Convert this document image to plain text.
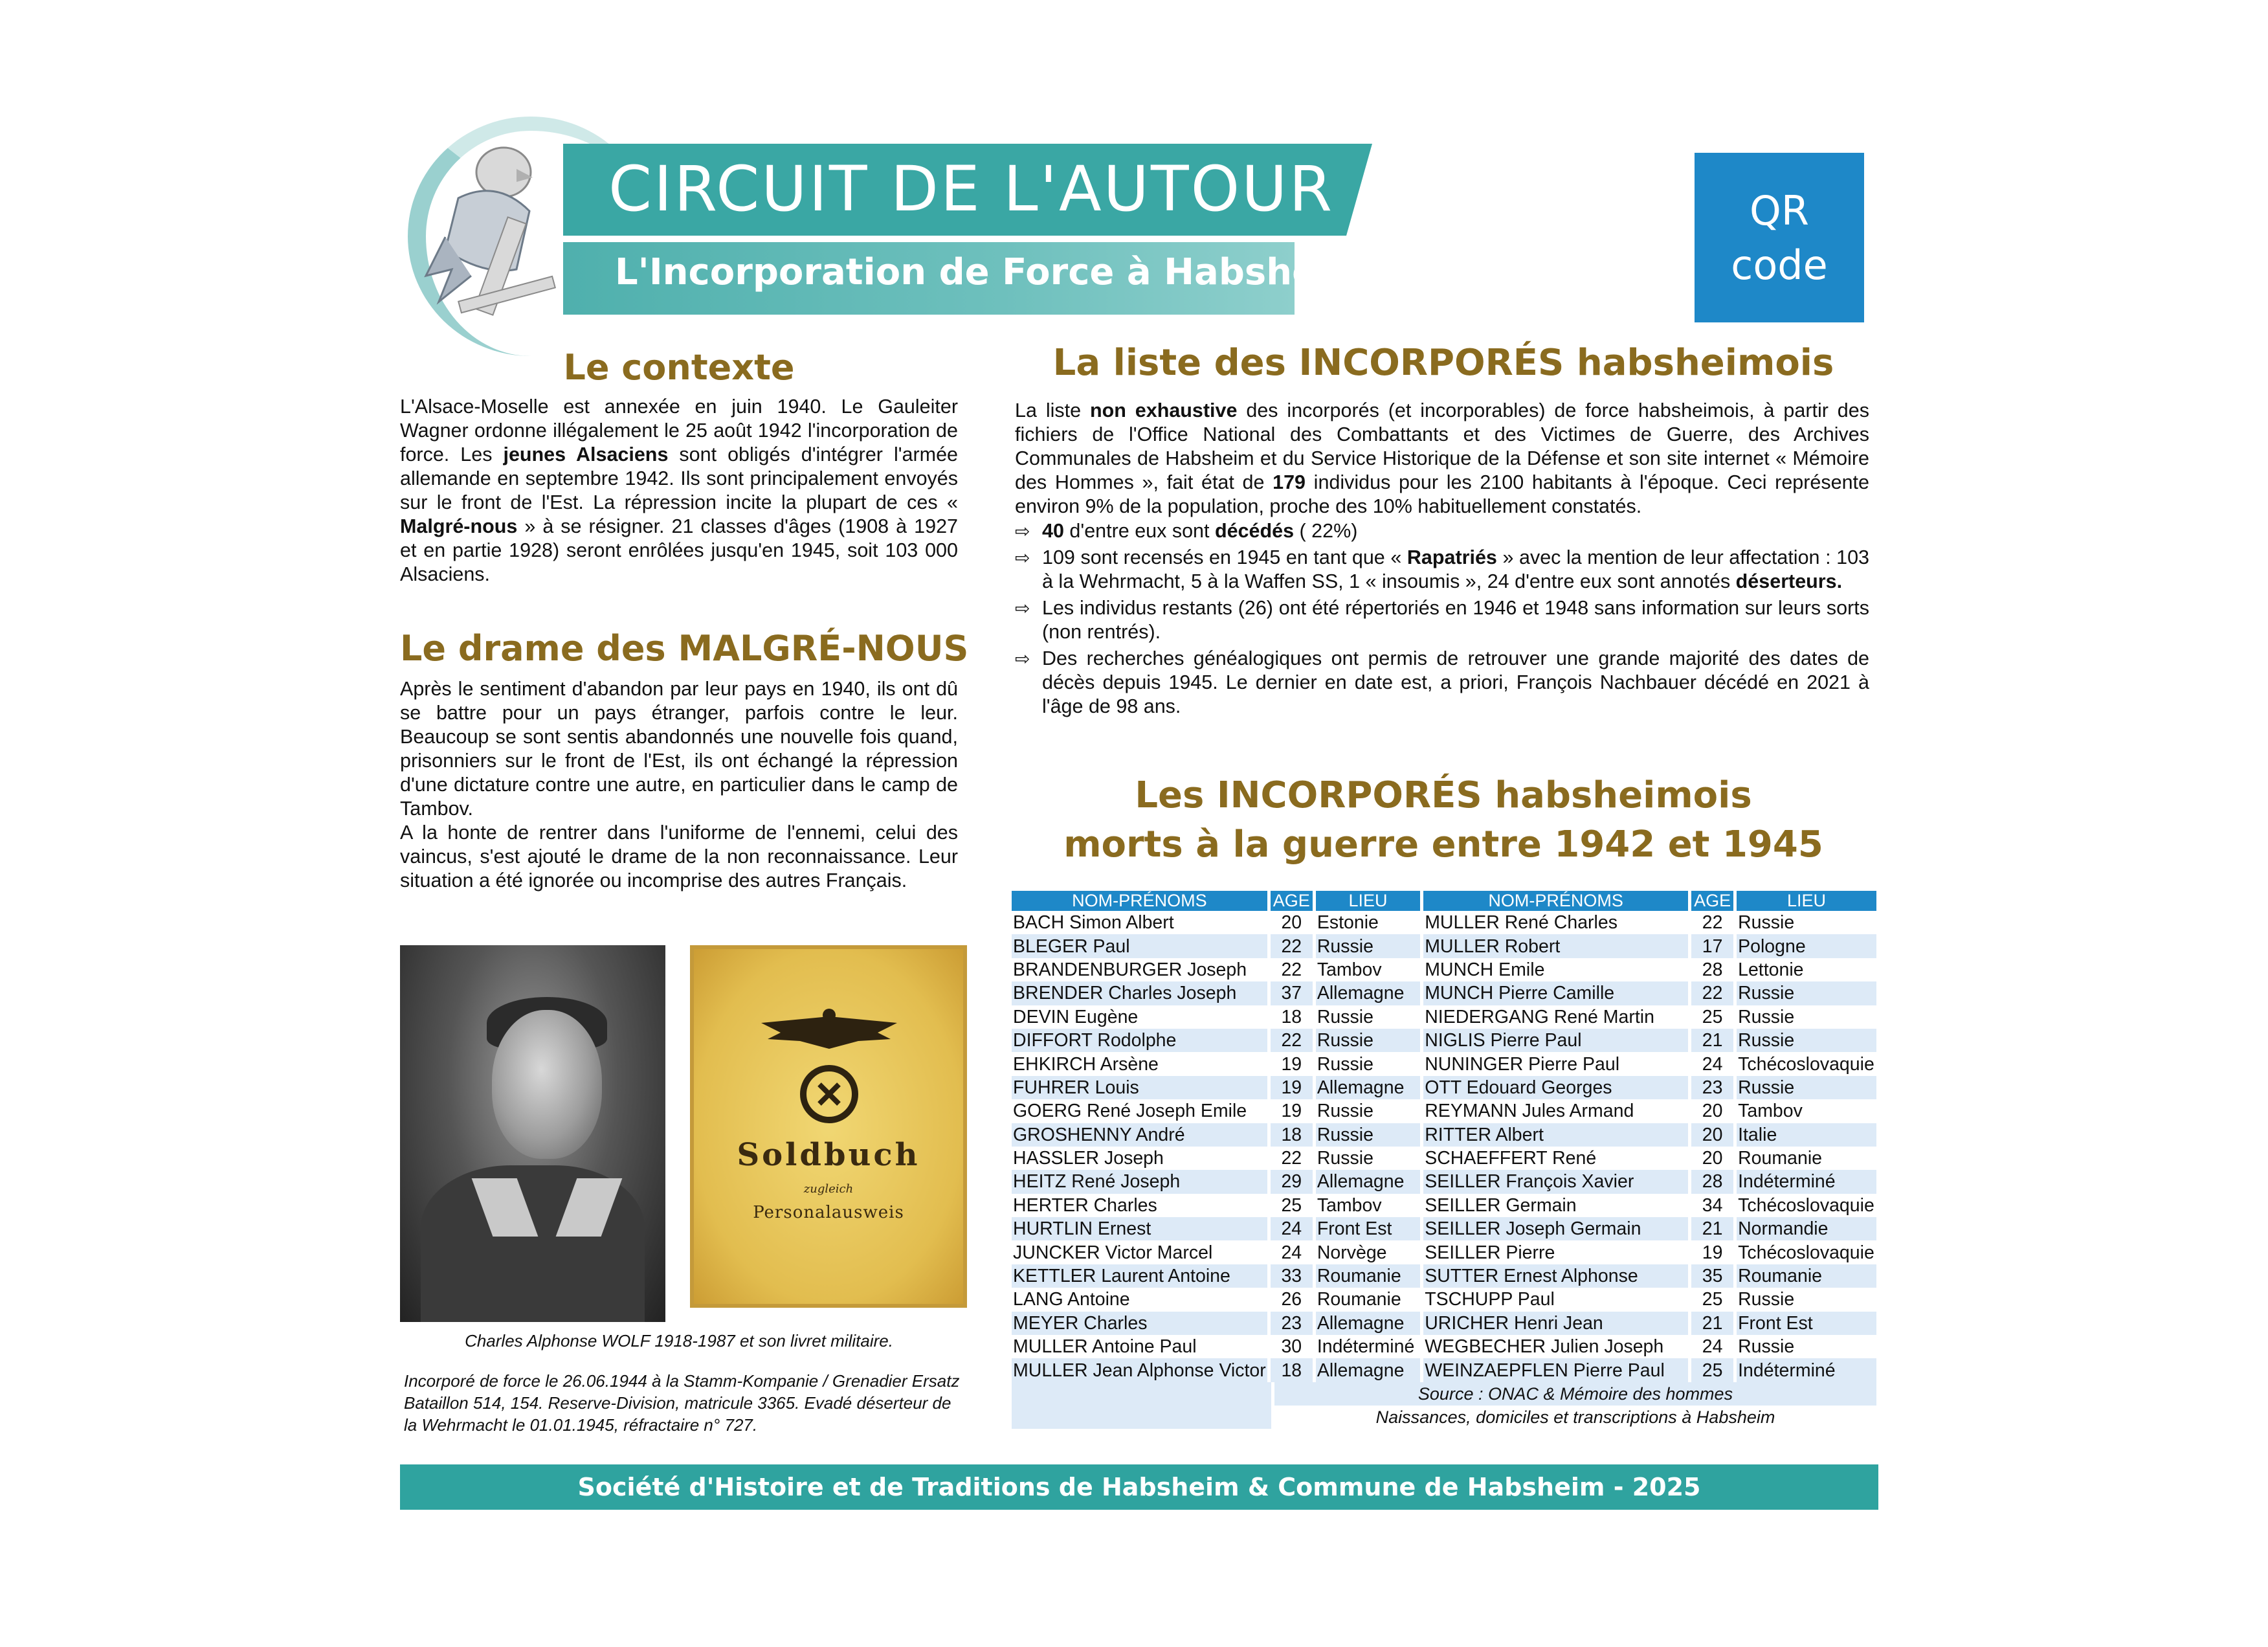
CIRCUIT DE L'AUTOUR
L'Incorporation de Force à Habsheim
QR
code
Le contexte
L'Alsace-Moselle est annexée en juin 1940. Le Gauleiter Wagner ordonne illégalement le 25 août 1942 l'incorporation de force. Les jeunes Alsaciens sont obligés d'intégrer l'armée allemande en septembre 1942. Ils sont principalement envoyés sur le front de l'Est. La répression incite la plupart de ces « Malgré-nous » à se résigner. 21 classes d'âges (1908 à 1927 et en partie 1928) seront enrôlées jusqu'en 1945, soit 103 000 Alsaciens.
Le drame des MALGRÉ-NOUS
Après le sentiment d'abandon par leur pays en 1940, ils ont dû se battre pour un pays étranger, parfois contre le leur. Beaucoup se sont sentis abandonnés une nouvelle fois quand, prisonniers sur le front de l'Est, ils ont échangé la répression d'une dictature contre une autre, en particulier dans le camp de Tambov.
A la honte de rentrer dans l'uniforme de l'ennemi, celui des vaincus, s'est ajouté le drame de la non reconnaissance. Leur situation a été ignorée ou incomprise des autres Français.
Soldbuch
zugleich
Personalausweis
Charles Alphonse WOLF 1918-1987 et son livret militaire.
Incorporé de force le 26.06.1944 à la Stamm-Kompanie / Grenadier Ersatz Bataillon 514, 154. Reserve-Division, matricule 3365. Evadé déserteur de la Wehrmacht le 01.01.1945, réfractaire n° 727.
La liste des INCORPORÉS habsheimois
La liste non exhaustive des incorporés (et incorporables) de force habsheimois, à partir des fichiers de l'Office National des Combattants et des Victimes de Guerre, des Archives Communales de Habsheim et du Service Historique de la Défense et son site internet « Mémoire des Hommes », fait état de 179 individus pour les 2100 habitants à l'époque. Ceci représente environ 9% de la population, proche des 10% habituellement constatés.
⇨ 40 d'entre eux sont décédés ( 22%)
⇨ 109 sont recensés en 1945 en tant que « Rapatriés » avec la mention de leur affectation : 103 à la Wehrmacht, 5 à la Waffen SS, 1 « insoumis », 24 d'entre eux sont annotés déserteurs.
⇨ Les individus restants (26) ont été répertoriés en 1946 et 1948 sans information sur leurs sorts (non rentrés).
⇨ Des recherches généalogiques ont permis de retrouver une grande majorité des dates de décès depuis 1945. Le dernier en date est, a priori, François Nachbauer décédé en 2021 à l'âge de 98 ans.
Les INCORPORÉS habsheimois
morts à la guerre entre 1942 et 1945
NOM-PRÉNOMS	AGE	LIEU	NOM-PRÉNOMS	AGE	LIEU
BACH Simon Albert	20	Estonie	MULLER René Charles	22	Russie
BLEGER Paul	22	Russie	MULLER Robert	17	Pologne
BRANDENBURGER Joseph	22	Tambov	MUNCH Emile	28	Lettonie
BRENDER Charles Joseph	37	Allemagne	MUNCH Pierre Camille	22	Russie
DEVIN Eugène	18	Russie	NIEDERGANG René Martin	25	Russie
DIFFORT Rodolphe	22	Russie	NIGLIS Pierre Paul	21	Russie
EHKIRCH Arsène	19	Russie	NUNINGER Pierre Paul	24	Tchécoslovaquie
FUHRER Louis	19	Allemagne	OTT Edouard Georges	23	Russie
GOERG René Joseph Emile	19	Russie	REYMANN Jules Armand	20	Tambov
GROSHENNY André	18	Russie	RITTER Albert	20	Italie
HASSLER Joseph	22	Russie	SCHAEFFERT René	20	Roumanie
HEITZ René Joseph	29	Allemagne	SEILLER François Xavier	28	Indéterminé
HERTER Charles	25	Tambov	SEILLER Germain	34	Tchécoslovaquie
HURTLIN Ernest	24	Front Est	SEILLER Joseph Germain	21	Normandie
JUNCKER Victor Marcel	24	Norvège	SEILLER Pierre	19	Tchécoslovaquie
KETTLER Laurent Antoine	33	Roumanie	SUTTER Ernest Alphonse	35	Roumanie
LANG Antoine	26	Roumanie	TSCHUPP Paul	25	Russie
MEYER Charles	23	Allemagne	URICHER Henri Jean	21	Front Est
MULLER Antoine Paul	30	Indéterminé	WEGBECHER Julien Joseph	24	Russie
MULLER Jean Alphonse Victor	18	Allemagne	WEINZAEPFLEN Pierre Paul	25	Indéterminé
Source : ONAC & Mémoire des hommes
Naissances, domiciles et transcriptions à Habsheim
Société d'Histoire et de Traditions de Habsheim & Commune de Habsheim - 2025
